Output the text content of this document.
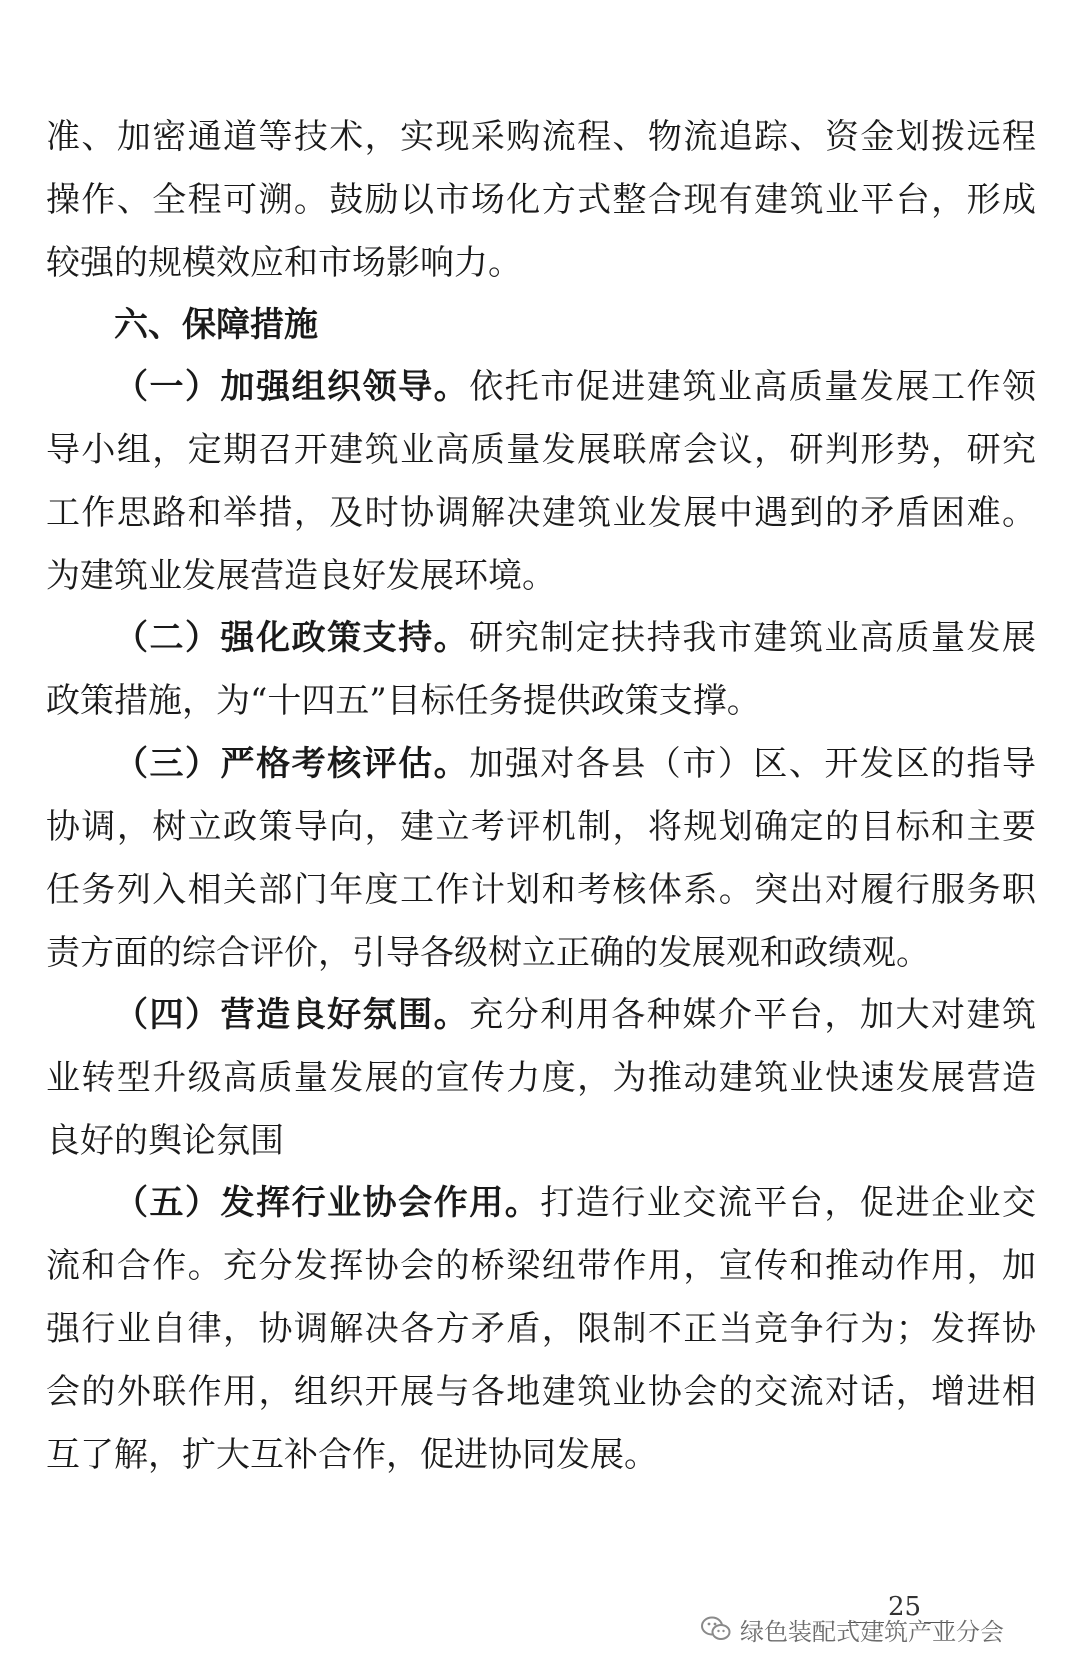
准、加密通道等技术，实现采购流程、物流追踪、资金划拨远程
操作、全程可溯。鼓励以市场化方式整合现有建筑业平台，形成
较强的规模效应和市场影响力。
六、保障措施
（一）加强组织领导。依托市促进建筑业高质量发展工作领
导小组，定期召开建筑业高质量发展联席会议，研判形势，研究
工作思路和举措，及时协调解决建筑业发展中遇到的矛盾困难。
为建筑业发展营造良好发展环境。
（二）强化政策支持。研究制定扶持我市建筑业高质量发展
政策措施，为“十四五”目标任务提供政策支撑。
（三）严格考核评估。加强对各县（市）区、开发区的指导
协调，树立政策导向，建立考评机制，将规划确定的目标和主要
任务列入相关部门年度工作计划和考核体系。突出对履行服务职
责方面的综合评价，引导各级树立正确的发展观和政绩观。
（四）营造良好氛围。充分利用各种媒介平台，加大对建筑
业转型升级高质量发展的宣传力度，为推动建筑业快速发展营造
良好的舆论氛围
（五）发挥行业协会作用。打造行业交流平台，促进企业交
流和合作。充分发挥协会的桥梁纽带作用，宣传和推动作用，加
强行业自律，协调解决各方矛盾，限制不正当竞争行为；发挥协
会的外联作用，组织开展与各地建筑业协会的交流对话，增进相
互了解，扩大互补合作，促进协同发展。
25
绿色装配式建筑产业分会
